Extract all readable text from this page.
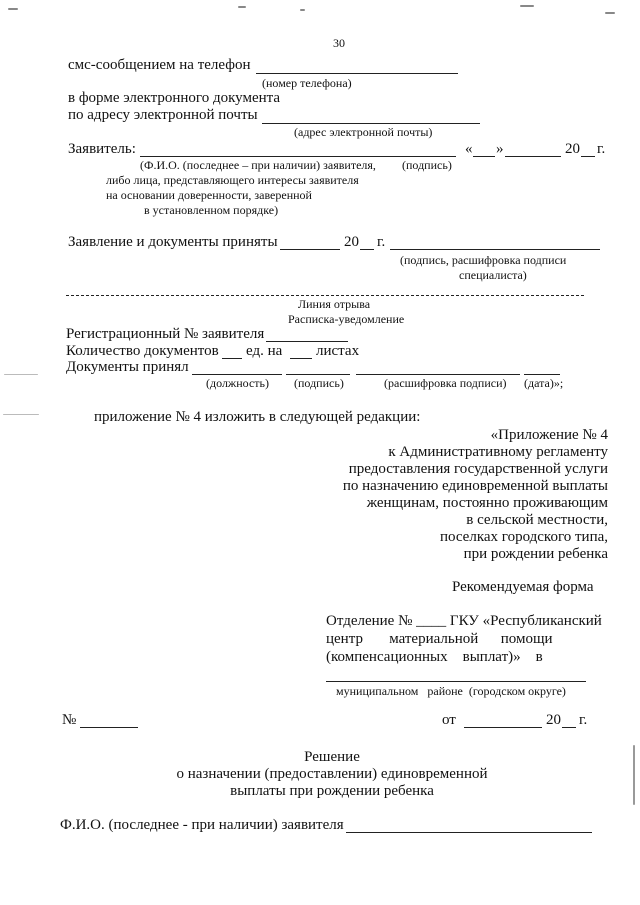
30
смс-сообщением на телефон
(номер телефона)
в форме электронного документа
по адресу электронной почты
(адрес электронной почты)
Заявитель:	« »	20 г.
(Ф.И.О. (последнее – при наличии) заявителя, (подпись)
либо лица, представляющего интересы заявителя
на основании доверенности, заверенной
в установленном порядке)
Заявление и документы приняты	20 г.
(подпись, расшифровка подписи
специалиста)
Линия отрыва
Расписка-уведомление
Регистрационный № заявителя
Количество документов ед. на листах
Документы принял
(должность) (подпись)	(расшифровка подписи) (дата)»;
приложение № 4 изложить в следующей редакции:
«Приложение № 4
к Административному регламенту
предоставления государственной услуги
по назначению единовременной выплаты
женщинам, постоянно проживающим
в сельской местности,
поселках городского типа,
при рождении ребенка
Рекомендуемая форма
Отделение № ____ ГКУ «Республиканский
центр       материальной      помощи
(компенсационных    выплат)»    в
муниципальном   районе  (городском округе)
№	от	20 г.
Решение
о назначении (предоставлении) единовременной
выплаты при рождении ребенка
Ф.И.О. (последнее - при наличии) заявителя
